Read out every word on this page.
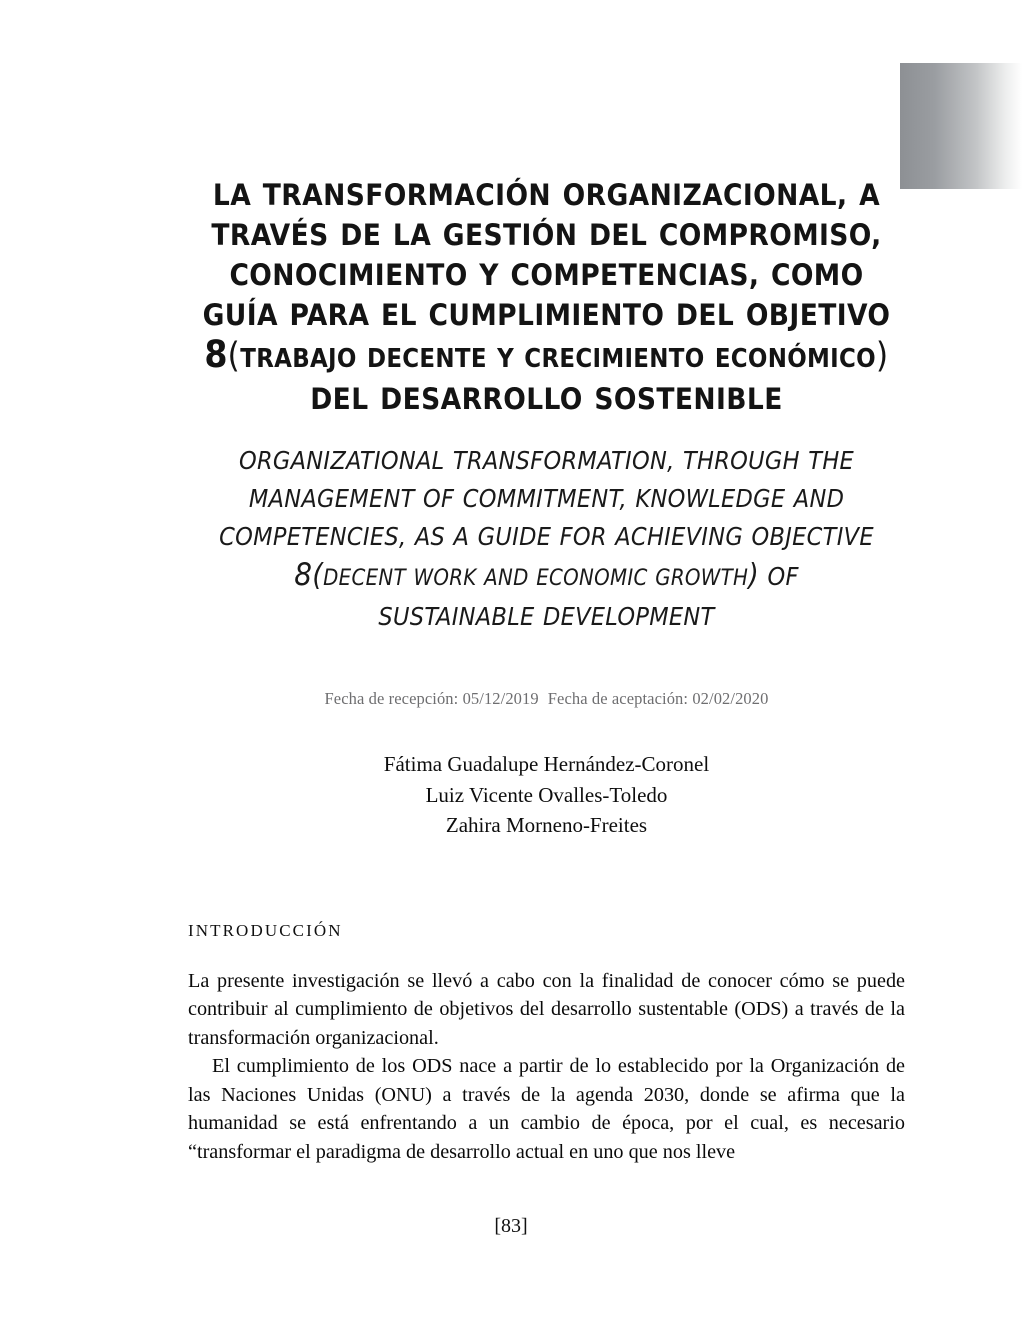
LA TRANSFORMACIÓN ORGANIZACIONAL, A
TRAVÉS DE LA GESTIÓN DEL COMPROMISO,
CONOCIMIENTO Y COMPETENCIAS, COMO
GUÍA PARA EL CUMPLIMIENTO DEL OBJETIVO
8(TRABAJO DECENTE Y CRECIMIENTO ECONÓMICO) DEL DESARROLLO SOSTENIBLE
ORGANIZATIONAL TRANSFORMATION, THROUGH THE
MANAGEMENT OF COMMITMENT, KNOWLEDGE AND
COMPETENCIES, AS A GUIDE FOR ACHIEVING OBJECTIVE
8(DECENT WORK AND ECONOMIC GROWTH) OF
SUSTAINABLE DEVELOPMENT

Fecha de recepción: 05/12/2019 Fecha de aceptación: 02/02/2020

Fátima Guadalupe Hernández-Coronel
Luiz Vicente Ovalles-Toledo
Zahira Morneno-Freites

INTRODUCCIÓN

La presente investigación se llevó a cabo con la finalidad de conocer cómo se puede contribuir al cumplimiento de objetivos del desarrollo sustentable (ODS) a través de la transformación organizacional.

El cumplimiento de los ODS nace a partir de lo establecido por la Organización de las Naciones Unidas (ONU) a través de la agenda 2030, donde se afirma que la humanidad se está enfrentando a un cambio de época, por el cual, es necesario “transformar el paradigma de desarrollo actual en uno que nos lleve

[83]
